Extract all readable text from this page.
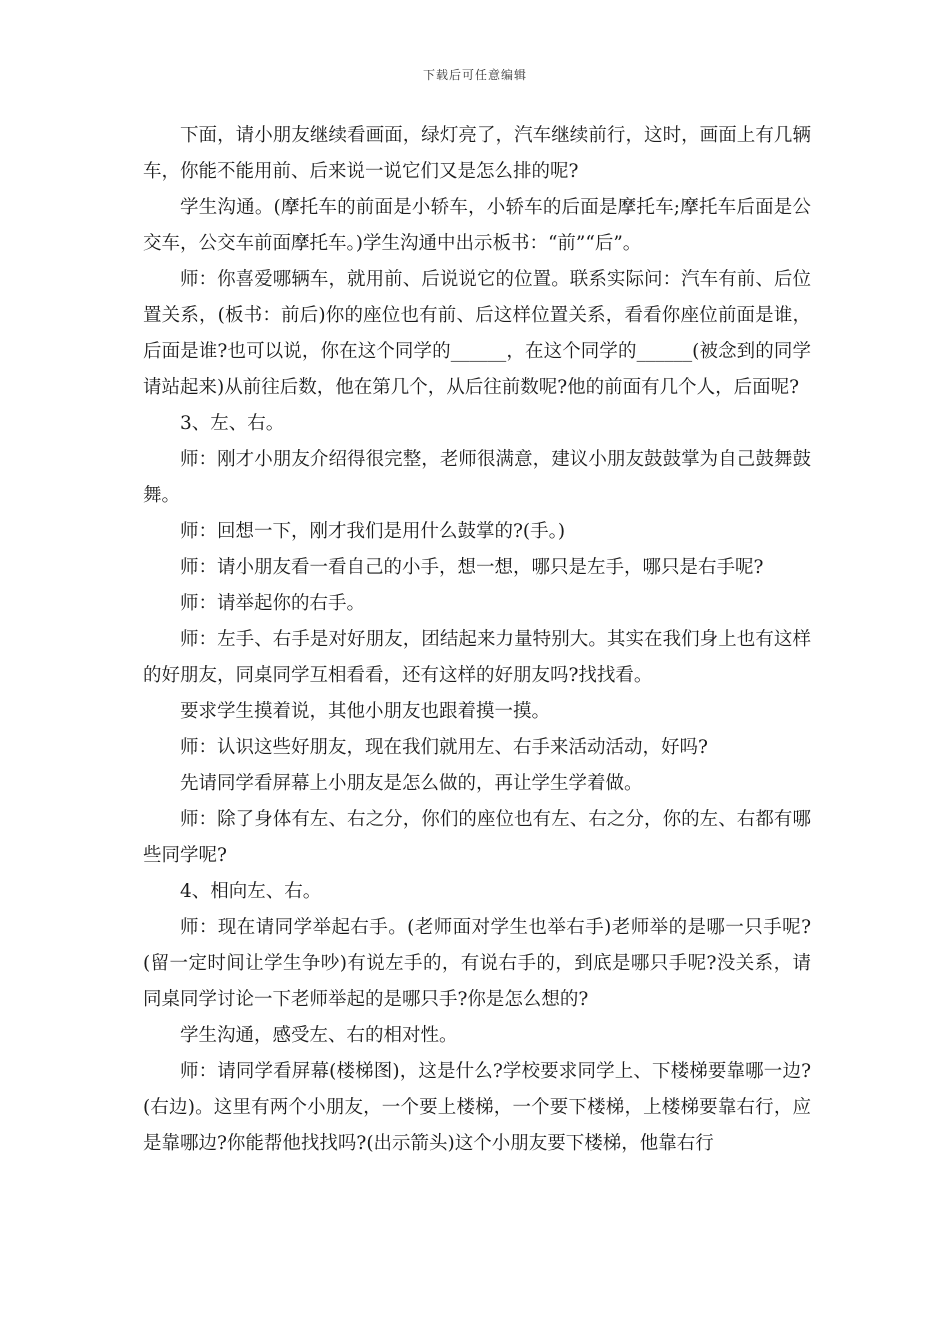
下载后可任意编辑

下面，请小朋友继续看画面，绿灯亮了，汽车继续前行，这时，画面上有几辆车，你能不能用前、后来说一说它们又是怎么排的呢?

学生沟通。(摩托车的前面是小轿车，小轿车的后面是摩托车;摩托车后面是公交车，公交车前面摩托车。)学生沟通中出示板书：“前”“后”。

师：你喜爱哪辆车，就用前、后说说它的位置。联系实际问：汽车有前、后位置关系，(板书：前后)你的座位也有前、后这样位置关系，看看你座位前面是谁，后面是谁?也可以说，你在这个同学的______，在这个同学的______(被念到的同学请站起来)从前往后数，他在第几个，从后往前数呢?他的前面有几个人，后面呢?

3、左、右。

师：刚才小朋友介绍得很完整，老师很满意，建议小朋友鼓鼓掌为自己鼓舞鼓舞。

师：回想一下，刚才我们是用什么鼓掌的?(手。)

师：请小朋友看一看自己的小手，想一想，哪只是左手，哪只是右手呢?

师：请举起你的右手。

师：左手、右手是对好朋友，团结起来力量特别大。其实在我们身上也有这样的好朋友，同桌同学互相看看，还有这样的好朋友吗?找找看。

要求学生摸着说，其他小朋友也跟着摸一摸。

师：认识这些好朋友，现在我们就用左、右手来活动活动，好吗?

先请同学看屏幕上小朋友是怎么做的，再让学生学着做。

师：除了身体有左、右之分，你们的座位也有左、右之分，你的左、右都有哪些同学呢?

4、相向左、右。

师：现在请同学举起右手。(老师面对学生也举右手)老师举的是哪一只手呢?(留一定时间让学生争吵)有说左手的，有说右手的，到底是哪只手呢?没关系，请同桌同学讨论一下老师举起的是哪只手?你是怎么想的?

学生沟通，感受左、右的相对性。

师：请同学看屏幕(楼梯图)，这是什么?学校要求同学上、下楼梯要靠哪一边?(右边)。这里有两个小朋友，一个要上楼梯，一个要下楼梯，上楼梯要靠右行，应是靠哪边?你能帮他找找吗?(出示箭头)这个小朋友要下楼梯，他靠右行
